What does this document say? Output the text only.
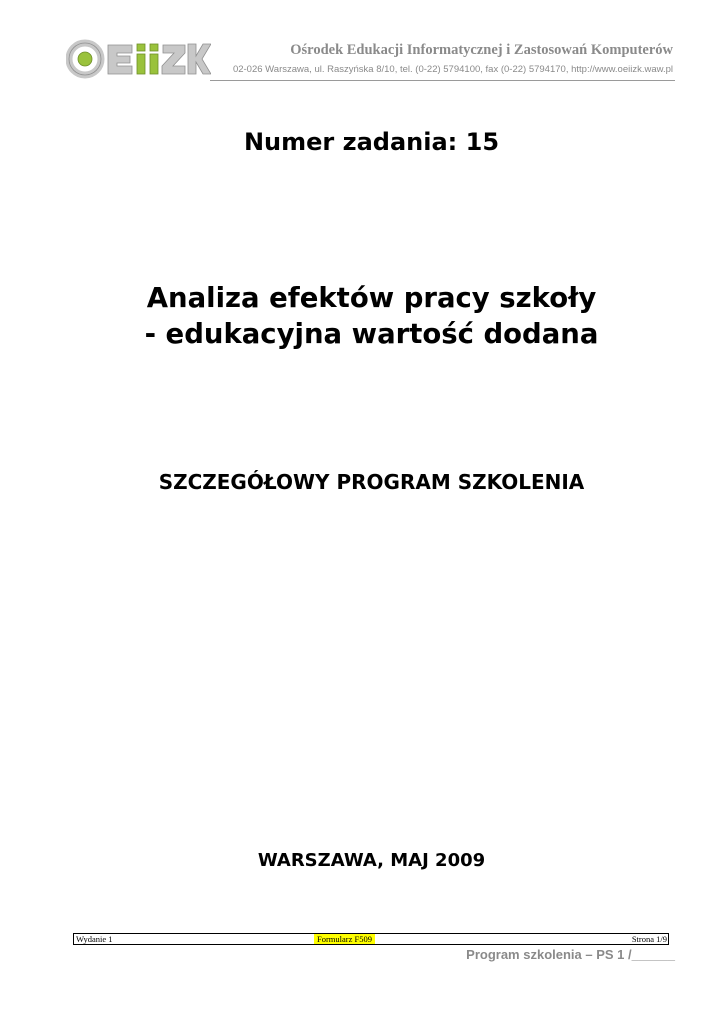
Ośrodek Edukacji Informatycznej i Zastosowań Komputerów
02-026 Warszawa, ul. Raszyńska 8/10, tel. (0-22) 5794100, fax (0-22) 5794170, http://www.oeiizk.waw.pl
Numer zadania: 15
Analiza efektów pracy szkoły
- edukacyjna wartość dodana
SZCZEGÓŁOWY PROGRAM SZKOLENIA
WARSZAWA, MAJ 2009
Wydanie 1	Formularz F509	Strona 1/9
Program szkolenia – PS 1 /______
